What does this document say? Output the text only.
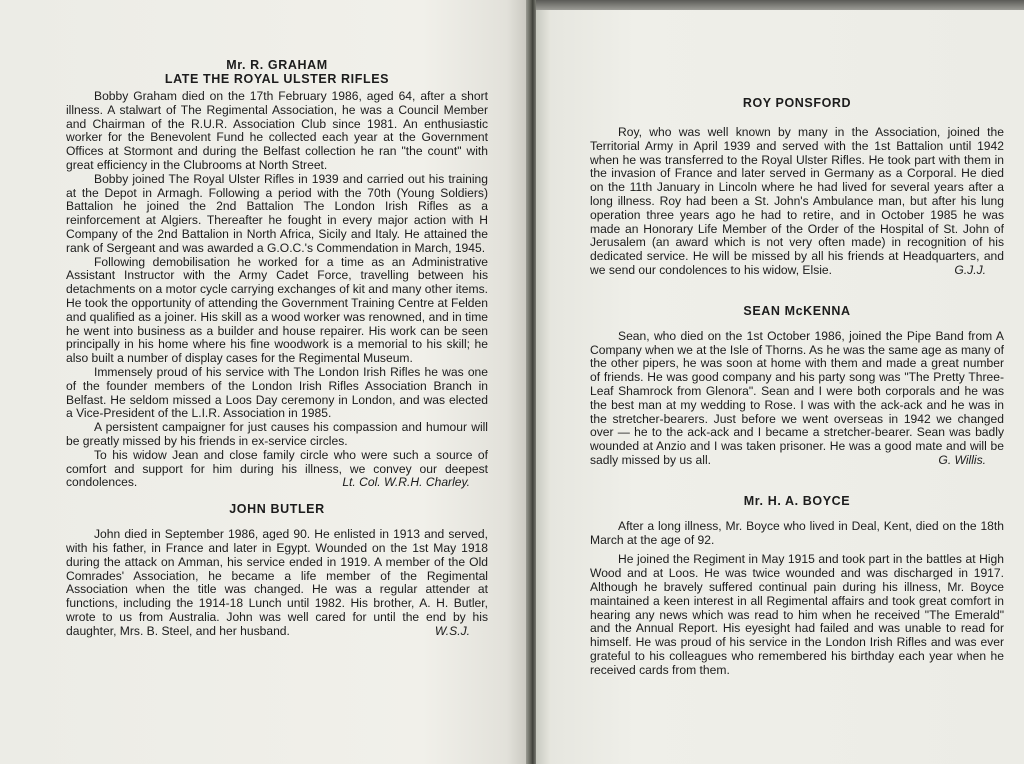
Mr. R. GRAHAM
LATE THE ROYAL ULSTER RIFLES

Bobby Graham died on the 17th February 1986, aged 64, after a short illness. A stalwart of The Regimental Association, he was a Council Member and Chairman of the R.U.R. Association Club since 1981. An enthusiastic worker for the Benevolent Fund he collected each year at the Government Offices at Stormont and during the Belfast collection he ran "the count" with great efficiency in the Clubrooms at North Street.

Bobby joined The Royal Ulster Rifles in 1939 and carried out his training at the Depot in Armagh. Following a period with the 70th (Young Soldiers) Battalion he joined the 2nd Battalion The London Irish Rifles as a reinforcement at Algiers. Thereafter he fought in every major action with H Company of the 2nd Battalion in North Africa, Sicily and Italy. He attained the rank of Sergeant and was awarded a G.O.C.'s Commendation in March, 1945.

Following demobilisation he worked for a time as an Administrative Assistant Instructor with the Army Cadet Force, travelling between his detachments on a motor cycle carrying exchanges of kit and many other items. He took the opportunity of attending the Government Training Centre at Felden and qualified as a joiner. His skill as a wood worker was renowned, and in time he went into business as a builder and house repairer. His work can be seen principally in his home where his fine woodwork is a memorial to his skill; he also built a number of display cases for the Regimental Museum.

Immensely proud of his service with The London Irish Rifles he was one of the founder members of the London Irish Rifles Association Branch in Belfast. He seldom missed a Loos Day ceremony in London, and was elected a Vice-President of the L.I.R. Association in 1985.

A persistent campaigner for just causes his compassion and humour will be greatly missed by his friends in ex-service circles.

To his widow Jean and close family circle who were such a source of comfort and support for him during his illness, we convey our deepest condolences.	Lt. Col. W.R.H. Charley.

JOHN BUTLER

John died in September 1986, aged 90. He enlisted in 1913 and served, with his father, in France and later in Egypt. Wounded on the 1st May 1918 during the attack on Amman, his service ended in 1919. A member of the Old Comrades' Association, he became a life member of the Regimental Association when the title was changed. He was a regular attender at functions, including the 1914-18 Lunch until 1982. His brother, A. H. Butler, wrote to us from Australia. John was well cared for until the end by his daughter, Mrs. B. Steel, and her husband.	W.S.J.

ROY PONSFORD

Roy, who was well known by many in the Association, joined the Territorial Army in April 1939 and served with the 1st Battalion until 1942 when he was transferred to the Royal Ulster Rifles. He took part with them in the invasion of France and later served in Germany as a Corporal. He died on the 11th January in Lincoln where he had lived for several years after a long illness. Roy had been a St. John's Ambulance man, but after his lung operation three years ago he had to retire, and in October 1985 he was made an Honorary Life Member of the Order of the Hospital of St. John of Jerusalem (an award which is not very often made) in recognition of his dedicated service. He will be missed by all his friends at Headquarters, and we send our condolences to his widow, Elsie.	G.J.J.

SEAN McKENNA

Sean, who died on the 1st October 1986, joined the Pipe Band from A Company when we at the Isle of Thorns. As he was the same age as many of the other pipers, he was soon at home with them and made a great number of friends. He was good company and his party song was "The Pretty Three-Leaf Shamrock from Glenora". Sean and I were both corporals and he was the best man at my wedding to Rose. I was with the ack-ack and he was in the stretcher-bearers. Just before we went overseas in 1942 we changed over — he to the ack-ack and I became a stretcher-bearer. Sean was badly wounded at Anzio and I was taken prisoner. He was a good mate and will be sadly missed by us all.	G. Willis.

Mr. H. A. BOYCE

After a long illness, Mr. Boyce who lived in Deal, Kent, died on the 18th March at the age of 92.

He joined the Regiment in May 1915 and took part in the battles at High Wood and at Loos. He was twice wounded and was discharged in 1917. Although he bravely suffered continual pain during his illness, Mr. Boyce maintained a keen interest in all Regimental affairs and took great comfort in hearing any news which was read to him when he received "The Emerald" and the Annual Report. His eyesight had failed and was unable to read for himself. He was proud of his service in the London Irish Rifles and was ever grateful to his colleagues who remembered his birthday each year when he received cards from them.
